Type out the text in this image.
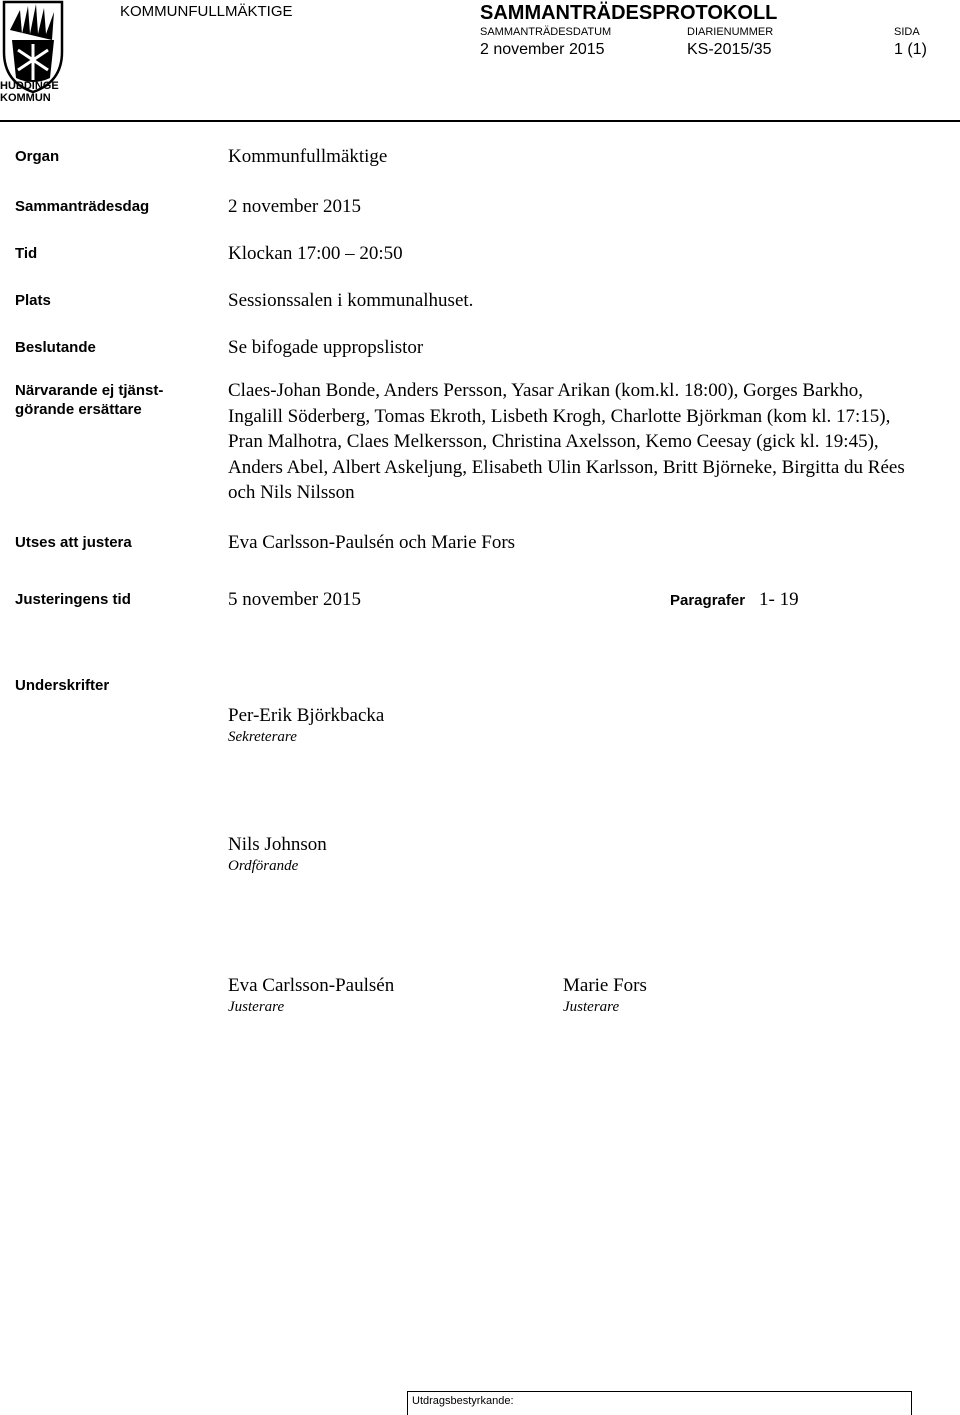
HUDDINGE
KOMMUN
KOMMUNFULLMÄKTIGE	SAMMANTRÄDESPROTOKOLL
SAMMANTRÄDESDATUM	DIARIENUMMER	SIDA
2 november 2015	KS-2015/35	1 (1)
Organ	Kommunfullmäktige
Sammanträdesdag	2 november 2015
Tid	Klockan 17:00 – 20:50
Plats	Sessionssalen i kommunalhuset.
Beslutande	Se bifogade uppropslistor
Närvarande ej tjänst-
görande ersättare
Claes-Johan Bonde, Anders Persson, Yasar Arikan (kom.kl. 18:00), Gorges Barkho, Ingalill Söderberg, Tomas Ekroth, Lisbeth Krogh, Charlotte Björkman (kom kl. 17:15), Pran Malhotra, Claes Melkersson, Christina Axelsson, Kemo Ceesay (gick kl. 19:45), Anders Abel, Albert Askeljung, Elisabeth Ulin Karlsson, Britt Björneke, Birgitta du Rées och Nils Nilsson
Utses att justera	Eva Carlsson-Paulsén och Marie Fors
Justeringens tid	5 november 2015	Paragrafer 1- 19
Underskrifter
Per-Erik Björkbacka
Sekreterare
Nils Johnson
Ordförande
Eva Carlsson-Paulsén
Justerare
Marie Fors
Justerare
Utdragsbestyrkande:
